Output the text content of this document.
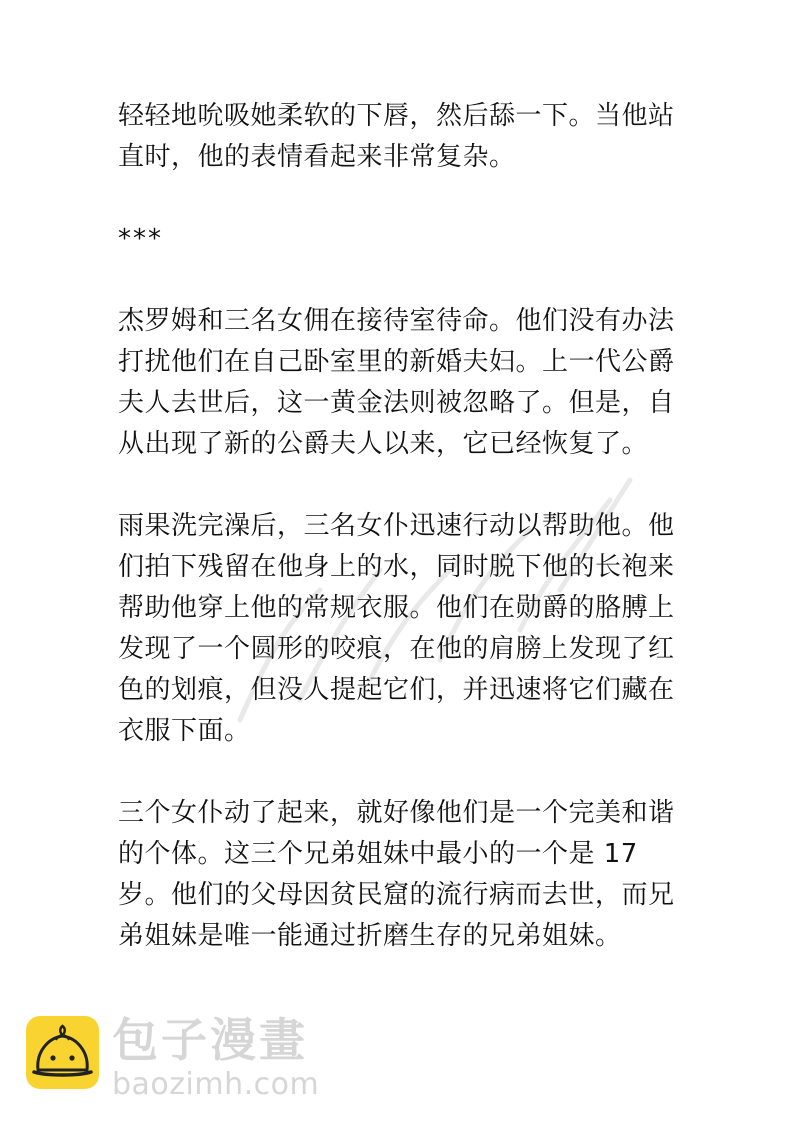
轻轻地吮吸她柔软的下唇，然后舔一下。当他站直时，他的表情看起来非常复杂。

***

杰罗姆和三名女佣在接待室待命。他们没有办法打扰他们在自己卧室里的新婚夫妇。上一代公爵夫人去世后，这一黄金法则被忽略了。但是，自从出现了新的公爵夫人以来，它已经恢复了。

雨果洗完澡后，三名女仆迅速行动以帮助他。他们拍下残留在他身上的水，同时脱下他的长袍来帮助他穿上他的常规衣服。他们在勋爵的胳膊上发现了一个圆形的咬痕，在他的肩膀上发现了红色的划痕，但没人提起它们，并迅速将它们藏在衣服下面。

三个女仆动了起来，就好像他们是一个完美和谐的个体。这三个兄弟姐妹中最小的一个是 17 岁。他们的父母因贫民窟的流行病而去世，而兄弟姐妹是唯一能通过折磨生存的兄弟姐妹。

包子漫畫
baozimh.com
